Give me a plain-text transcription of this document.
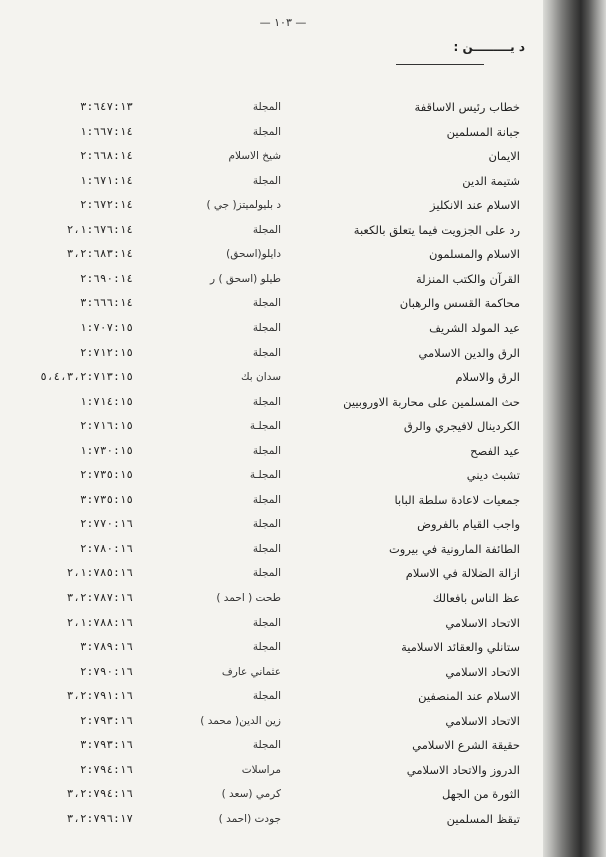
— ١٠٣ —
د يـــــــــن :
خطاب رئيس الاساقفة
المجلة
٣:٦٤٧:١٣
جبانة المسلمين
المجلة
١:٦٦٧:١٤
الايمان
شيخ الاسلام
٢:٦٦٨:١٤
شتيمة الدين
المجلة
١:٦٧١:١٤
الاسلام عند الانكليز
د بليولميتز( جي )
٢:٦٧٢:١٤
رد على الجزويت فيما يتعلق بالكعبة
المجلة
٢،١:٦٧٦:١٤
الاسلام والمسلمون
دايلو(اسحق)
٣،٢:٦٨٣:١٤
القرآن والكتب المنزلة
طيلو (اسحق ) ر
٢:٦٩٠:١٤
محاكمة القسس والرهبان
المجلة
٣:٦٦٦:١٤
عيد المولد الشريف
المجلة
١:٧٠٧:١٥
الرق والدين الاسلامي
المجلة
٢:٧١٢:١٥
الرق والاسلام
سدان بك
٥،٤،٣،٢:٧١٣:١٥
حث المسلمين على محاربة الاوروبيين
المجلة
١:٧١٤:١٥
الكردينال لافيجري والرق
المجلـة
٢:٧١٦:١٥
عيد الفصح
المجلة
١:٧٣٠:١٥
تشبث ديني
المجلـة
٢:٧٣٥:١٥
جمعيات لاعادة سلطة البابا
المجلة
٣:٧٣٥:١٥
واجب القيام بالفروض
المجلة
٢:٧٧٠:١٦
الطائفة المارونية في بيروت
المجلة
٢:٧٨٠:١٦
ازالة الضلالة في الاسلام
المجلة
٢،١:٧٨٥:١٦
عظ الناس بافعالك
طحت ( احمد )
٣،٢:٧٨٧:١٦
الاتحاد الاسلامي
المجلة
٢،١:٧٨٨:١٦
ستانلي والعقائد الاسلامية
المجلة
٣:٧٨٩:١٦
الاتحاد الاسلامي
عثماني عارف
٢:٧٩٠:١٦
الاسلام عند المنصفين
المجلة
٣،٢:٧٩١:١٦
الاتحاد الاسلامي
زين الدين( محمد )
٢:٧٩٣:١٦
حقيقة الشرع الاسلامي
المجلة
٣:٧٩٣:١٦
الدروز والاتحاد الاسلامي
مراسلات
٢:٧٩٤:١٦
الثورة من الجهل
كرمي (سعد )
٣،٢:٧٩٤:١٦
تيقظ المسلمين
جودت (احمد )
٣،٢:٧٩٦:١٧
